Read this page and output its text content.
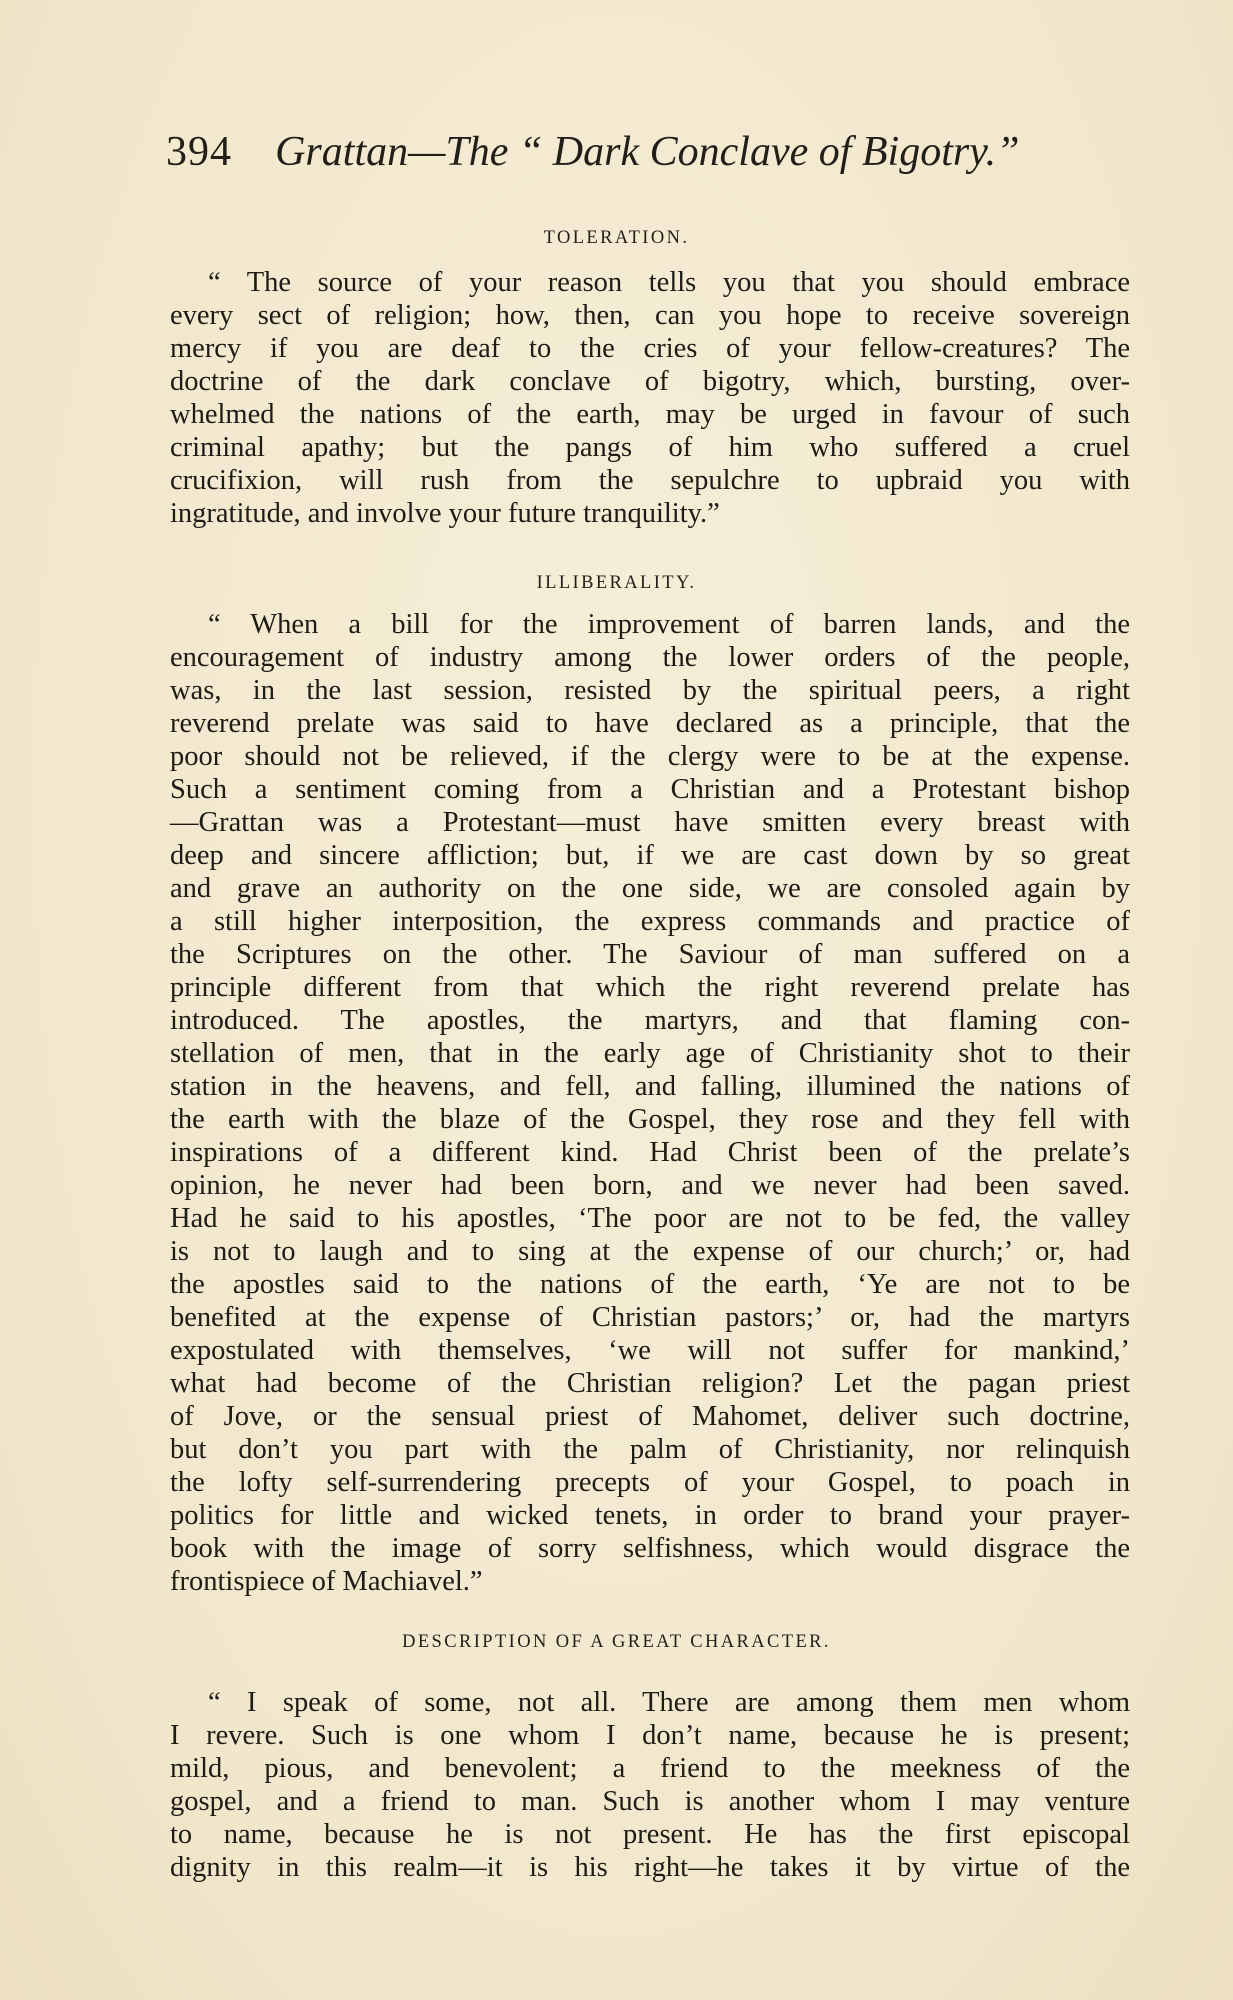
394 Grattan—The “ Dark Conclave of Bigotry.”
TOLERATION.
“ The source of your reason tells you that you should embrace
every sect of religion; how, then, can you hope to receive sovereign
mercy if you are deaf to the cries of your fellow-creatures? The
doctrine of the dark conclave of bigotry, which, bursting, over-
whelmed the nations of the earth, may be urged in favour of such
criminal apathy; but the pangs of him who suffered a cruel
crucifixion, will rush from the sepulchre to upbraid you with
ingratitude, and involve your future tranquility.”
ILLIBERALITY.
“ When a bill for the improvement of barren lands, and the
encouragement of industry among the lower orders of the people,
was, in the last session, resisted by the spiritual peers, a right
reverend prelate was said to have declared as a principle, that the
poor should not be relieved, if the clergy were to be at the expense.
Such a sentiment coming from a Christian and a Protestant bishop
—Grattan was a Protestant—must have smitten every breast with
deep and sincere affliction; but, if we are cast down by so great
and grave an authority on the one side, we are consoled again by
a still higher interposition, the express commands and practice of
the Scriptures on the other. The Saviour of man suffered on a
principle different from that which the right reverend prelate has
introduced. The apostles, the martyrs, and that flaming con-
stellation of men, that in the early age of Christianity shot to their
station in the heavens, and fell, and falling, illumined the nations of
the earth with the blaze of the Gospel, they rose and they fell with
inspirations of a different kind. Had Christ been of the prelate’s
opinion, he never had been born, and we never had been saved.
Had he said to his apostles, ‘The poor are not to be fed, the valley
is not to laugh and to sing at the expense of our church;’ or, had
the apostles said to the nations of the earth, ‘Ye are not to be
benefited at the expense of Christian pastors;’ or, had the martyrs
expostulated with themselves, ‘we will not suffer for mankind,’
what had become of the Christian religion? Let the pagan priest
of Jove, or the sensual priest of Mahomet, deliver such doctrine,
but don’t you part with the palm of Christianity, nor relinquish
the lofty self-surrendering precepts of your Gospel, to poach in
politics for little and wicked tenets, in order to brand your prayer-
book with the image of sorry selfishness, which would disgrace the
frontispiece of Machiavel.”
DESCRIPTION OF A GREAT CHARACTER.
“ I speak of some, not all. There are among them men whom
I revere. Such is one whom I don’t name, because he is present;
mild, pious, and benevolent; a friend to the meekness of the
gospel, and a friend to man. Such is another whom I may venture
to name, because he is not present. He has the first episcopal
dignity in this realm—it is his right—he takes it by virtue of the
